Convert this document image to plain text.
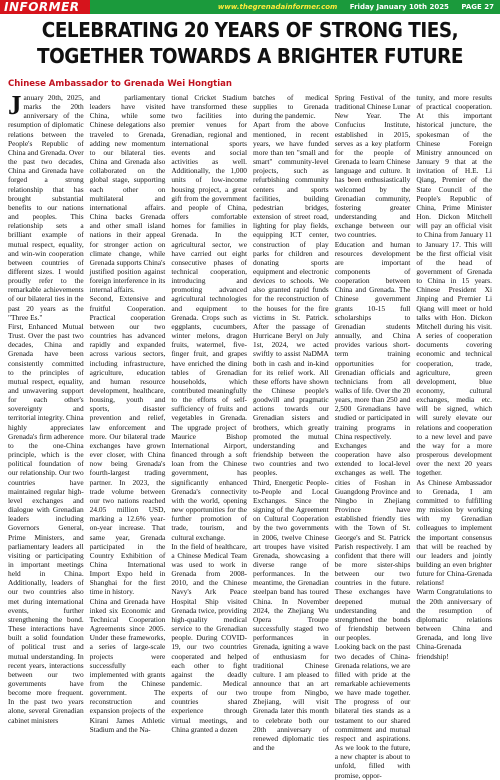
INFORMER	www.thegrenadainformer.com Friday January 10th 2025 PAGE 27
CELEBRATING 20 YEARS OF STRONG TIES,
TOGETHER TOWARDS A BRIGHTER FUTURE
Chinese Ambassador to Grenada Wei Hongtian

January 20th, 2025, marks the 20th anniversary of the resumption of diplomatic relations between the People's Republic of China and Grenada. Over the past two decades, China and Grenada have forged a strong relationship that has brought substantial benefits to our nations and peoples. This relationship sets a brilliant example of mutual respect, equality, and win-win cooperation between countries of different sizes. I would proudly refer to the remarkable achievements of our bilateral ties in the past 20 years as the "Three Es."

First, Enhanced Mutual Trust. Over the past two decades, China and Grenada have been consistently committed to the principles of mutual respect, equality, and unwavering support for each other's sovereignty and territorial integrity. China highly appreciates Grenada's firm adherence to the one-China principle, which is the political foundation of our relationship. Our two countries have maintained regular high-level exchanges and dialogue with Grenadian leaders including Governors General, Prime Ministers, and parliamentary leaders all visiting or participating in important meetings held in China. Additionally, leaders of our two countries also met during international events, further strengthening the bond. These interactions have built a solid foundation of political trust and mutual understanding. In recent years, interactions between our two governments have become more frequent. In the past two years alone, several Grenadian cabinet ministers

and parliamentary leaders have visited China, while some Chinese delegations also traveled to Grenada, adding new momentum to our bilateral ties. China and Grenada also collaborated on the global stage, supporting each other on multilateral and international affairs. China backs Grenada and other small island nations in their appeal for stronger action on climate change, while Grenada supports China's justified position against foreign interference in its internal affairs.

Second, Extensive and fruitful Cooperation. Practical cooperation between our two countries has advanced rapidly and expanded across various sectors, including infrastructure, agriculture, education and human resource development, healthcare, housing, youth and sports, disaster prevention and relief, law enforcement and more. Our bilateral trade exchanges have grown ever closer, with China now being Grenada's fourth-largest trading partner. In 2023, the trade volume between our two nations reached 24.05 million USD, marking a 12.6% year-on-year increase. That same year, Grenada participated in the Country Exhibition of China International Import Expo held in Shanghai for the first time in history.

China and Grenada have inked six Economic and Technical Cooperation Agreements since 2005. Under these frameworks, a series of large-scale projects were successfully implemented with grants from the Chinese government. The reconstruction and expansion projects of the Kirani James Athletic Stadium and the Na-

tional Cricket Stadium have transformed these two facilities into premier venues for Grenadian, regional and international sports events and social activities as well. Additionally, the 1,000 units of low-income housing project, a great gift from the government and people of China, offers comfortable homes for families in Grenada. In the agricultural sector, we have carried out eight consecutive phases of technical cooperation, introducing and promoting advanced agricultural technologies and equipment to Grenada. Crops such as eggplants, cucumbers, winter melons, dragon fruits, watermel, five-finger fruit, and grapes have enriched the dining tables of Grenadian households, which contributed meaningfully to the efforts of self-sufficiency of fruits and vegetables in Grenada. The upgrade project of Maurice Bishop International Airport, financed through a soft loan from the Chinese government, has significantly enhanced Grenada's connectivity with the world, opening new opportunities for the further promotion of trade, tourism, and cultural exchange.

In the field of healthcare, a Chinese Medical Team was used to work in Grenada from 2008-2010, and the Chinese Navy's Ark Peace Hospital Ship visited Grenada twice, providing high-quality medical service to the Grenadian people. During COVID-19, our two countries cooperated and helped each other to fight against the deadly pandemic. Medical experts of our two countries shared experience through virtual meetings, and China granted a dozen

batches of medical supplies to Grenada during the pandemic.

Apart from the above mentioned, in recent years, we have funded more than ten "small and smart" community-level projects, such as refurbishing community centers and sports facilities, building pedestrian bridges, extension of street road, lighting for play fields, equipping ICT center, construction of play parks for children and donating sports equipment and electronic devices to schools. We also granted rapid funds for the reconstruction of the houses for the fire victims in St. Patrick. After the passage of Hurricane Beryl on July 1st, 2024, we acted swiftly to assist NaDMA both in cash and in-kind for its relief work. All these efforts have shown the Chinese people's goodwill and pragmatic actions towards our Grenadian sisters and brothers, which greatly promoted the mutual understanding and friendship between the two countries and two peoples.

Third, Energetic People-to-People and Local Exchanges. Since the signing of the Agreement on Cultural Cooperation by the two governments in 2006, twelve Chinese art troupes have visited Grenada, showcasing a diverse range of performances. In the meantime, the Grenadian steelpan band has toured China. In November 2024, the Zhejiang Wu Opera Troupe successfully staged two performances in Grenada, igniting a wave of enthusiasm for traditional Chinese culture. I am pleased to announce that an art troupe from Ningbo, Zhejiang, will visit Grenada later this month to celebrate both our 20th anniversary of renewed diplomatic ties and the

Spring Festival of the traditional Chinese Lunar New Year. The Confucius Institute, established in 2015, serves as a key platform for the people of Grenada to learn Chinese language and culture. It has been enthusiastically welcomed by the Grenadian community, fostering greater understanding and exchange between our two countries.

Education and human resources development are important components of cooperation between China and Grenada. The Chinese government grants 10-15 full scholarships to Grenadian students annually, and China provides various short-term training opportunities for Grenadian officials and technicians from all walks of life. Over the 20 years, more than 250 and 2,500 Grenadians have studied or participated in training programs in China respectively.

Exchanges and cooperation have also extended to local-level exchanges as well. The cities of Foshan in Guangdong Province and Ningbo in Zhejiang Province have established friendly ties with the Town of St. George's and St. Patrick Parish respectively. I am confident that there will be more sister-ships between our two countries in the future. These exchanges have deepened mutual understanding and strengthened the bonds of friendship between our peoples.

Looking back on the past two decades of China-Grenada relations, we are filled with pride at the remarkable achievements we have made together. The progress of our bilateral ties stands as a testament to our shared commitment and mutual respect and aspirations. As we look to the future, a new chapter is about to unfold, filled with promise, oppor-

tunity, and more results of practical cooperation. At this important historical juncture, the spokesman of the Chinese Foreign Ministry announced on January 9 that at the invitation of H.E. Li Qiang, Premier of the State Council of the People's Republic of China, Prime Minister Hon. Dickon Mitchell will pay an official visit to China from January 11 to January 17. This will be the first official visit of the head of government of Grenada to China in 15 years. Chinese President Xi Jinping and Premier Li Qiang will meet or hold talks with Hon. Dickon Mitchell during his visit. A series of cooperation documents covering economic and technical cooperation, trade, agriculture, green development, blue economy, cultural exchanges, media etc. will be signed, which will surely elevate our relations and cooperation to a new level and pave the way for a more prosperous development over the next 20 years together.

As Chinese Ambassador to Grenada, I am committed to fulfilling my mission by working with my Grenadian colleagues to implement the important consensus that will be reached by our leaders and jointly building an even brighter future for China-Grenada relations!

Warm Congratulations to the 20th anniversary of the resumption of diplomatic relations between China and Grenada, and long live China-Grenada friendship!
